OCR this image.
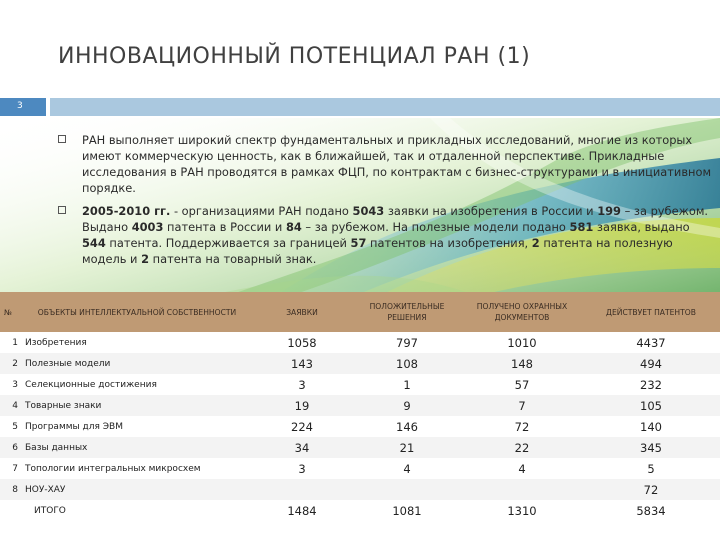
ИННОВАЦИОННЫЙ ПОТЕНЦИАЛ РАН (1)
3
РАН выполняет широкий спектр фундаментальных и прикладных исследований, многие из которых имеют коммерческую ценность, как в ближайшей, так и отдаленной перспективе. Прикладные исследования в РАН проводятся в рамках ФЦП, по контрактам с бизнес-структурами и в инициативном порядке.
2005-2010 гг. - организациями РАН подано 5043 заявки на изобретения в России и 199 – за рубежом. Выдано 4003 патента в России и 84 – за рубежом. На полезные модели подано 581 заявка, выдано 544 патента. Поддерживается за границей 57 патентов на изобретения, 2 патента на полезную модель и 2 патента на товарный знак.
№	ОБЪЕКТЫ ИНТЕЛЛЕКТУАЛЬНОЙ СОБСТВЕННОСТИ	ЗАЯВКИ	ПОЛОЖИТЕЛЬНЫЕ РЕШЕНИЯ	ПОЛУЧЕНО ОХРАННЫХ ДОКУМЕНТОВ	ДЕЙСТВУЕТ ПАТЕНТОВ
1	Изобретения	1058	797	1010	4437
2	Полезные модели	143	108	148	494
3	Селекционные достижения	3	1	57	232
4	Товарные знаки	19	9	7	105
5	Программы для ЭВМ	224	146	72	140
6	Базы данных	34	21	22	345
7	Топологии интегральных микросхем	3	4	4	5
8	НОУ-ХАУ				72
	ИТОГО	1484	1081	1310	5834
